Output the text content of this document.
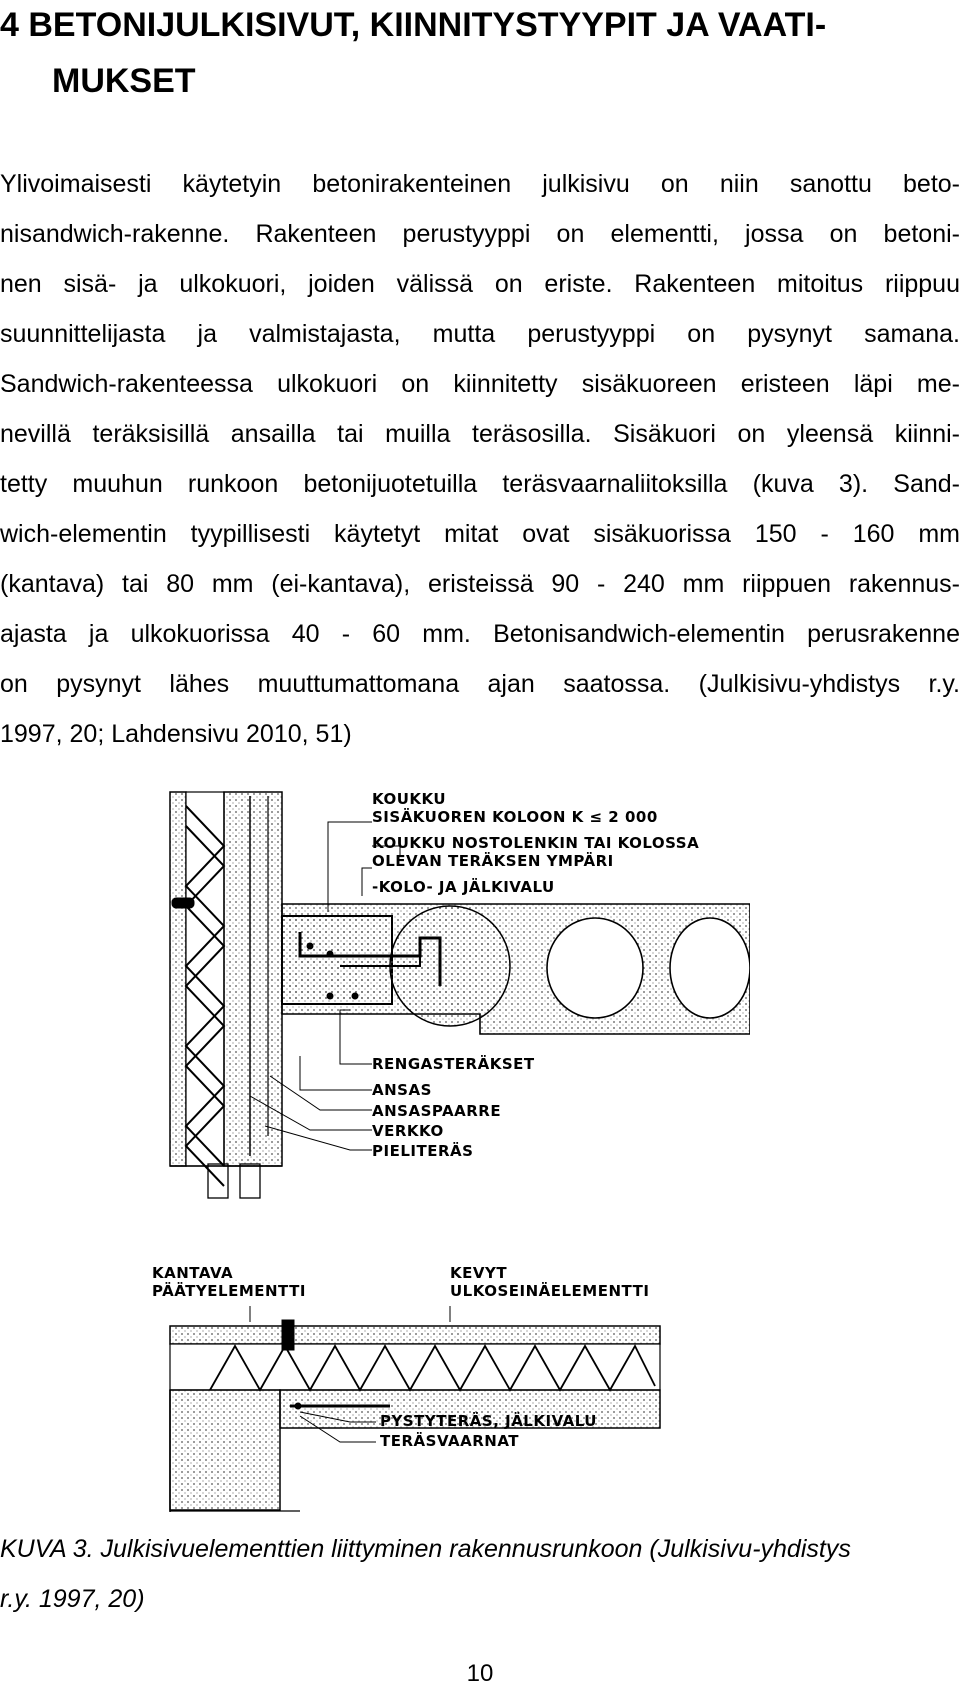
4 BETONIJULKISIVUT, KIINNITYSTYYPIT JA VAATI-
MUKSET
Ylivoimaisesti käytetyin betonirakenteinen julkisivu on niin sanottu beto-
nisandwich-rakenne. Rakenteen perustyyppi on elementti, jossa on betoni-
nen sisä- ja ulkokuori, joiden välissä on eriste. Rakenteen mitoitus riippuu
suunnittelijasta ja valmistajasta, mutta perustyyppi on pysynyt samana.
Sandwich-rakenteessa ulkokuori on kiinnitetty sisäkuoreen eristeen läpi me-
nevillä teräksisillä ansailla tai muilla teräsosilla. Sisäkuori on yleensä kiinni-
tetty muuhun runkoon betonijuotetuilla teräsvaarnaliitoksilla (kuva 3). Sand-
wich-elementin tyypillisesti käytetyt mitat ovat sisäkuorissa 150 - 160 mm
(kantava) tai 80 mm (ei-kantava), eristeissä 90 - 240 mm riippuen rakennus-
ajasta ja ulkokuorissa 40 - 60 mm. Betonisandwich-elementin perusrakenne
on pysynyt lähes muuttumattomana ajan saatossa. (Julkisivu-yhdistys r.y.
1997, 20; Lahdensivu 2010, 51)
KOUKKU
SISÄKUOREN KOLOON K ≤ 2 000
KOUKKU NOSTOLENKIN TAI KOLOSSA
OLEVAN TERÄKSEN YMPÄRI
-KOLO- JA JÄLKIVALU
RENGASTERÄKSET
ANSAS
ANSASPAARRE
VERKKO
PIELITERÄS
KANTAVA
PÄÄTYELEMENTTI
KEVYT
ULKOSEINÄELEMENTTI
PYSTYTERÄS, JÄLKIVALU
TERÄSVAARNAT
KUVA 3. Julkisivuelementtien liittyminen rakennusrunkoon (Julkisivu-yhdistys
r.y. 1997, 20)
10
